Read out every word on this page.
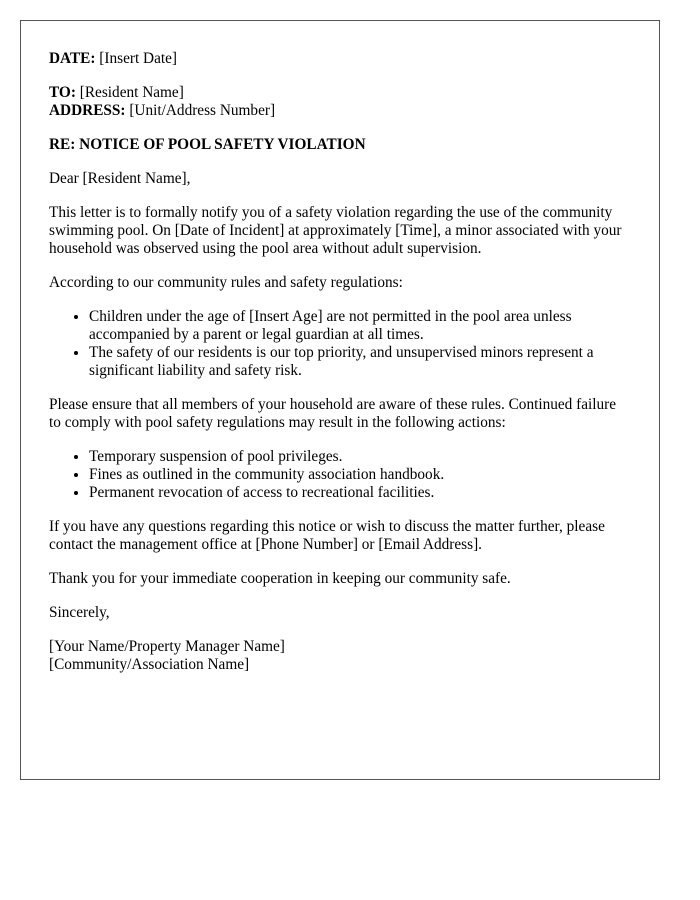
DATE: [Insert Date]
TO: [Resident Name]
ADDRESS: [Unit/Address Number]
RE: NOTICE OF POOL SAFETY VIOLATION
Dear [Resident Name],
This letter is to formally notify you of a safety violation regarding the use of the community swimming pool. On [Date of Incident] at approximately [Time], a minor associated with your household was observed using the pool area without adult supervision.
According to our community rules and safety regulations:
• Children under the age of [Insert Age] are not permitted in the pool area unless accompanied by a parent or legal guardian at all times.
• The safety of our residents is our top priority, and unsupervised minors represent a significant liability and safety risk.
Please ensure that all members of your household are aware of these rules. Continued failure to comply with pool safety regulations may result in the following actions:
• Temporary suspension of pool privileges.
• Fines as outlined in the community association handbook.
• Permanent revocation of access to recreational facilities.
If you have any questions regarding this notice or wish to discuss the matter further, please contact the management office at [Phone Number] or [Email Address].
Thank you for your immediate cooperation in keeping our community safe.
Sincerely,
[Your Name/Property Manager Name]
[Community/Association Name]
